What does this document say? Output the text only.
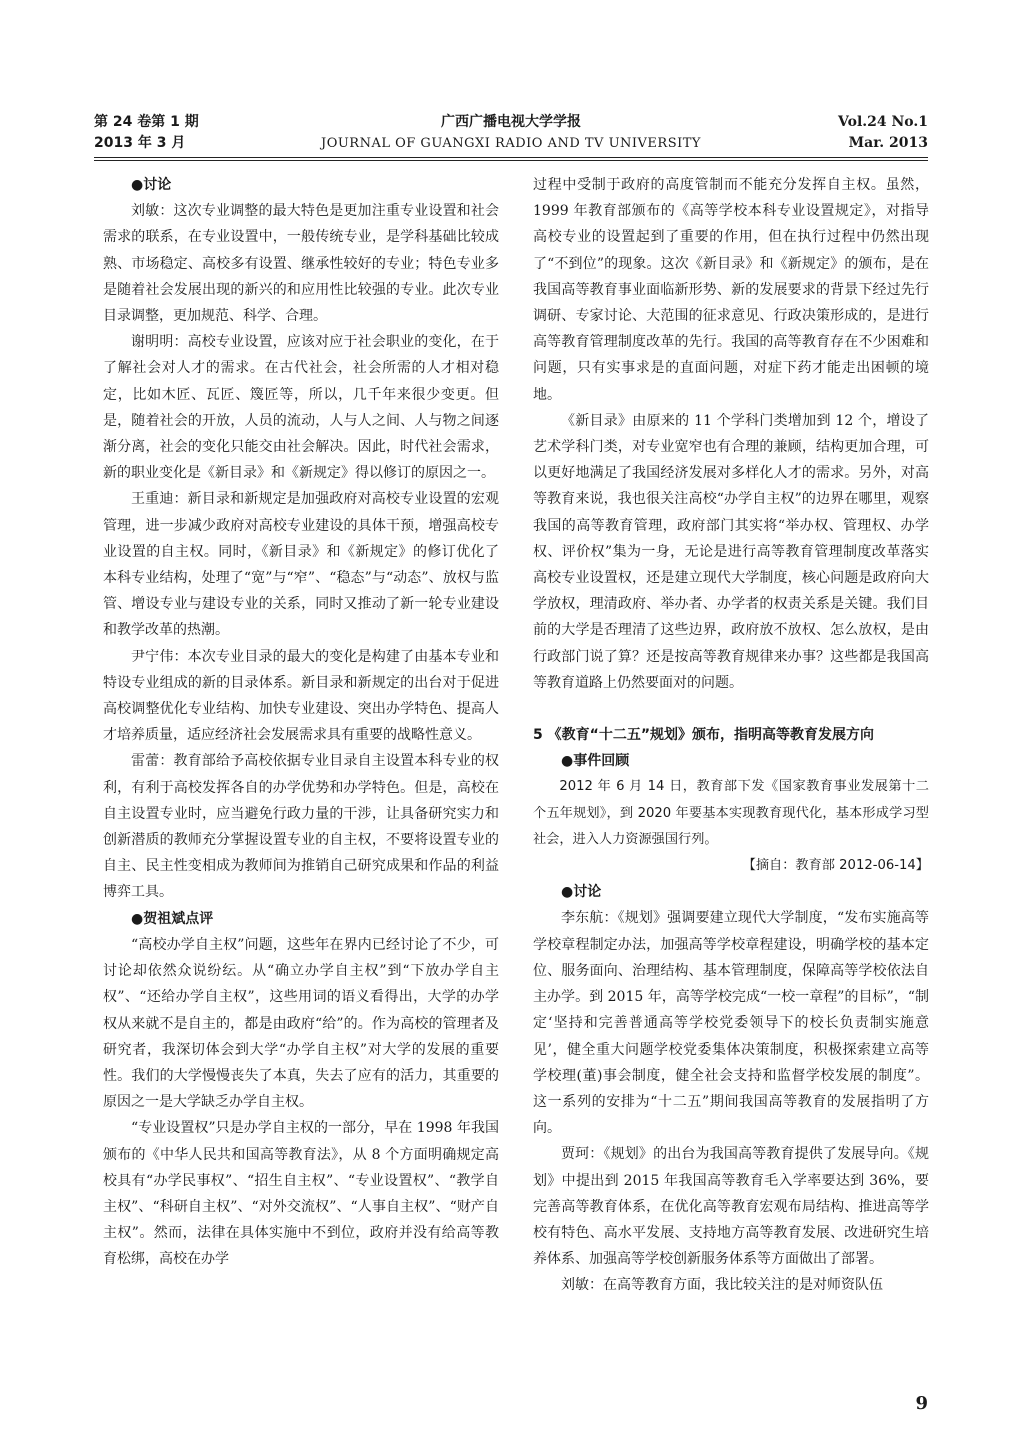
第 24 卷第 1 期
2013 年 3 月
广西广播电视大学学报
JOURNAL OF GUANGXI RADIO AND TV UNIVERSITY
Vol.24 No.1
Mar. 2013
●讨论

刘敏：这次专业调整的最大特色是更加注重专业设置和社会需求的联系，在专业设置中，一般传统专业，是学科基础比较成熟、市场稳定、高校多有设置、继承性较好的专业；特色专业多是随着社会发展出现的新兴的和应用性比较强的专业。此次专业目录调整，更加规范、科学、合理。

谢明明：高校专业设置，应该对应于社会职业的变化，在于了解社会对人才的需求。在古代社会，社会所需的人才相对稳定，比如木匠、瓦匠、篾匠等，所以，几千年来很少变更。但是，随着社会的开放，人员的流动，人与人之间、人与物之间逐渐分离，社会的变化只能交由社会解决。因此，时代社会需求，新的职业变化是《新目录》和《新规定》得以修订的原因之一。

王重迪：新目录和新规定是加强政府对高校专业设置的宏观管理，进一步减少政府对高校专业建设的具体干预，增强高校专业设置的自主权。同时，《新目录》和《新规定》的修订优化了本科专业结构，处理了“宽”与“窄”、“稳态”与“动态”、放权与监管、增设专业与建设专业的关系，同时又推动了新一轮专业建设和教学改革的热潮。

尹宁伟：本次专业目录的最大的变化是构建了由基本专业和特设专业组成的新的目录体系。新目录和新规定的出台对于促进高校调整优化专业结构、加快专业建设、突出办学特色、提高人才培养质量，适应经济社会发展需求具有重要的战略性意义。

雷蕾：教育部给予高校依据专业目录自主设置本科专业的权利，有利于高校发挥各自的办学优势和办学特色。但是，高校在自主设置专业时，应当避免行政力量的干涉，让具备研究实力和创新潜质的教师充分掌握设置专业的自主权，不要将设置专业的自主、民主性变相成为教师间为推销自己研究成果和作品的利益博弈工具。

●贺祖斌点评

“高校办学自主权”问题，这些年在界内已经讨论了不少，可讨论却依然众说纷纭。从“确立办学自主权”到“下放办学自主权”、“还给办学自主权”，这些用词的语义看得出，大学的办学权从来就不是自主的，都是由政府“给”的。作为高校的管理者及研究者，我深切体会到大学“办学自主权”对大学的发展的重要性。我们的大学慢慢丧失了本真，失去了应有的活力，其重要的原因之一是大学缺乏办学自主权。

“专业设置权”只是办学自主权的一部分，早在 1998 年我国颁布的《中华人民共和国高等教育法》，从 8 个方面明确规定高校具有“办学民事权”、“招生自主权”、“专业设置权”、“教学自主权”、“科研自主权”、“对外交流权”、“人事自主权”、“财产自主权”。然而，法律在具体实施中不到位，政府并没有给高等教育松绑，高校在办学

过程中受制于政府的高度管制而不能充分发挥自主权。虽然，1999 年教育部颁布的《高等学校本科专业设置规定》，对指导高校专业的设置起到了重要的作用，但在执行过程中仍然出现了“不到位”的现象。这次《新目录》和《新规定》的颁布，是在我国高等教育事业面临新形势、新的发展要求的背景下经过先行调研、专家讨论、大范围的征求意见、行政决策形成的，是进行高等教育管理制度改革的先行。我国的高等教育存在不少困难和问题，只有实事求是的直面问题，对症下药才能走出困顿的境地。

《新目录》由原来的 11 个学科门类增加到 12 个，增设了艺术学科门类，对专业宽窄也有合理的兼顾，结构更加合理，可以更好地满足了我国经济发展对多样化人才的需求。另外，对高等教育来说，我也很关注高校“办学自主权”的边界在哪里，观察我国的高等教育管理，政府部门其实将“举办权、管理权、办学权、评价权”集为一身，无论是进行高等教育管理制度改革落实高校专业设置权，还是建立现代大学制度，核心问题是政府向大学放权，理清政府、举办者、办学者的权责关系是关键。我们目前的大学是否理清了这些边界，政府放不放权、怎么放权，是由行政部门说了算？还是按高等教育规律来办事？这些都是我国高等教育道路上仍然要面对的问题。

5 《教育“十二五”规划》颁布，指明高等教育发展方向
●事件回顾

2012 年 6 月 14 日，教育部下发《国家教育事业发展第十二个五年规划》，到 2020 年要基本实现教育现代化，基本形成学习型社会，进入人力资源强国行列。

【摘自：教育部 2012-06-14】

●讨论

李东航：《规划》强调要建立现代大学制度，“发布实施高等学校章程制定办法，加强高等学校章程建设，明确学校的基本定位、服务面向、治理结构、基本管理制度，保障高等学校依法自主办学。到 2015 年，高等学校完成“一校一章程”的目标”，“制定‘坚持和完善普通高等学校党委领导下的校长负责制实施意见’，健全重大问题学校党委集体决策制度，积极探索建立高等学校理(董)事会制度，健全社会支持和监督学校发展的制度”。这一系列的安排为“十二五”期间我国高等教育的发展指明了方向。

贾珂：《规划》的出台为我国高等教育提供了发展导向。《规划》中提出到 2015 年我国高等教育毛入学率要达到 36%，要完善高等教育体系，在优化高等教育宏观布局结构、推进高等学校有特色、高水平发展、支持地方高等教育发展、改进研究生培养体系、加强高等学校创新服务体系等方面做出了部署。

刘敏：在高等教育方面，我比较关注的是对师资队伍

9
